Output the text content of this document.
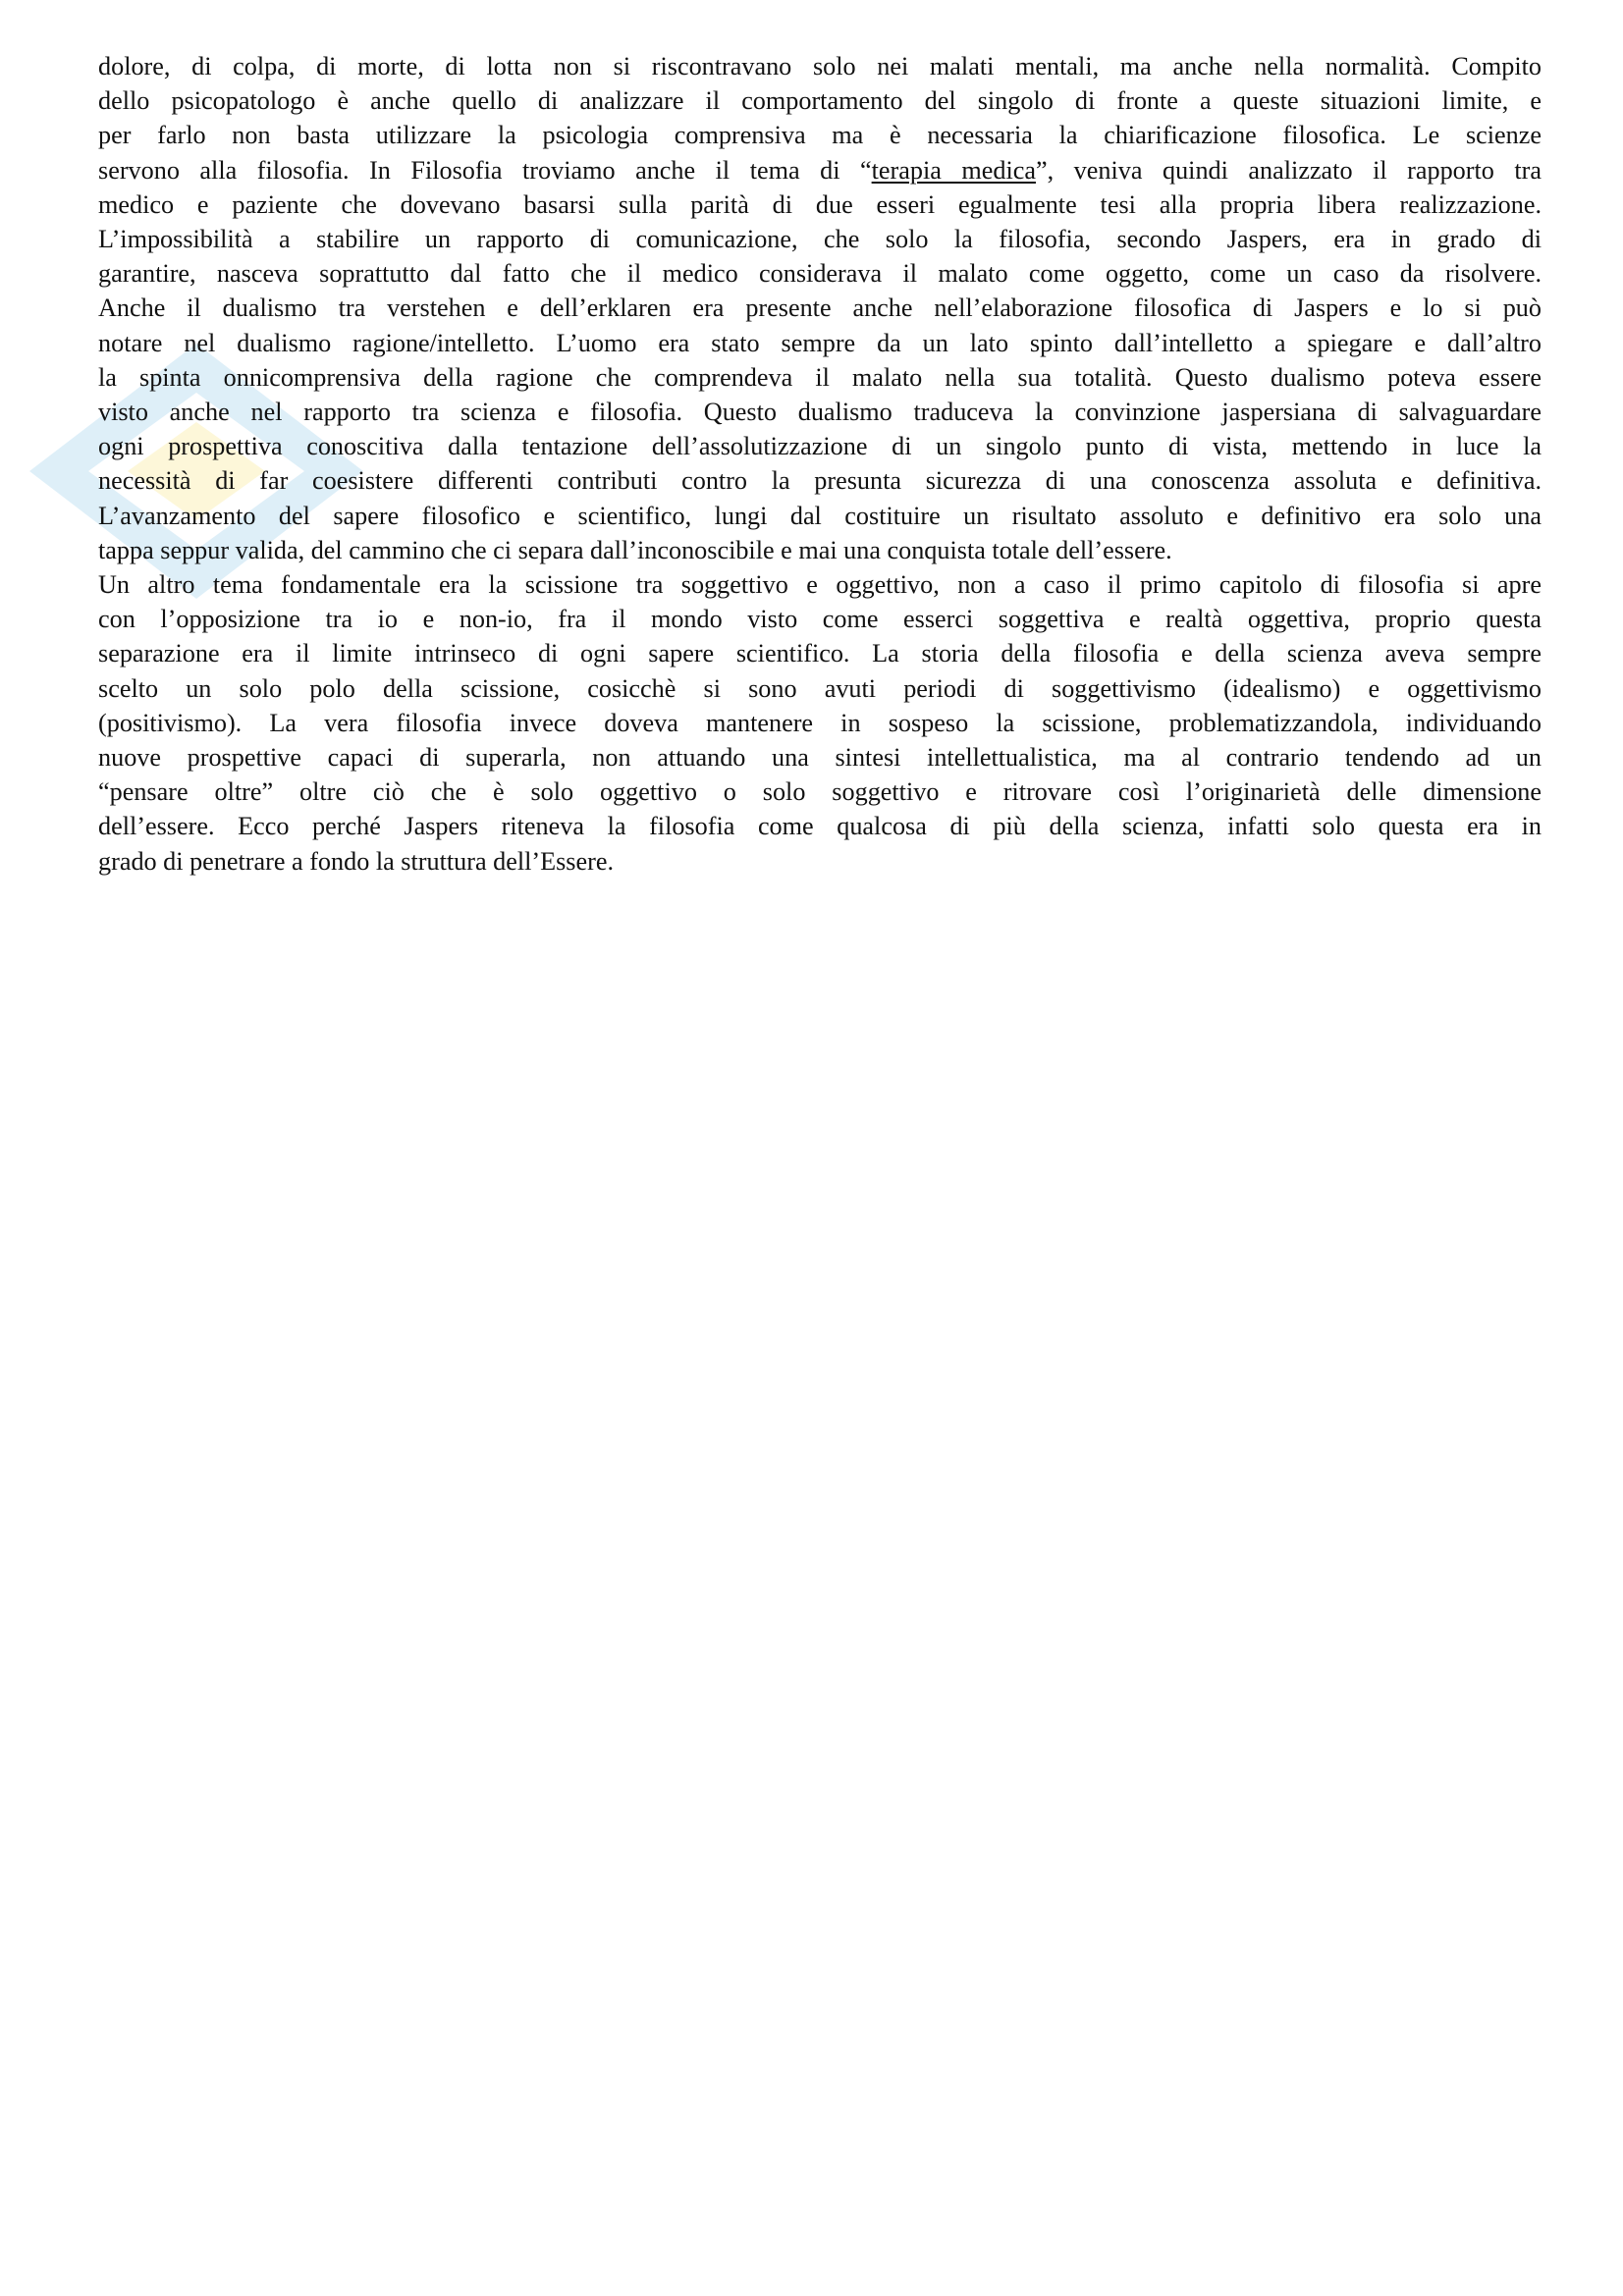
dolore, di colpa, di morte, di lotta non si riscontravano solo nei malati mentali, ma anche nella normalità. Compito
dello psicopatologo è anche quello di analizzare il comportamento del singolo di fronte a queste situazioni limite, e
per farlo non basta utilizzare la psicologia comprensiva ma è necessaria la chiarificazione filosofica. Le scienze
servono alla filosofia. In Filosofia troviamo anche il tema di “terapia medica”, veniva quindi analizzato il rapporto tra
medico e paziente che dovevano basarsi sulla parità di due esseri egualmente tesi alla propria libera realizzazione.
L’impossibilità a stabilire un rapporto di comunicazione, che solo la filosofia, secondo Jaspers, era in grado di
garantire, nasceva soprattutto dal fatto che il medico considerava il malato come oggetto, come un caso da risolvere.
Anche il dualismo tra verstehen e dell’erklaren era presente anche nell’elaborazione filosofica di Jaspers e lo si può
notare nel dualismo ragione/intelletto. L’uomo era stato sempre da un lato spinto dall’intelletto a spiegare e dall’altro
la spinta onnicomprensiva della ragione che comprendeva il malato nella sua totalità. Questo dualismo poteva essere
visto anche nel rapporto tra scienza e filosofia. Questo dualismo traduceva la convinzione jaspersiana di salvaguardare
ogni prospettiva conoscitiva dalla tentazione dell’assolutizzazione di un singolo punto di vista, mettendo in luce la
necessità di far coesistere differenti contributi contro la presunta sicurezza di una conoscenza assoluta e definitiva.
L’avanzamento del sapere filosofico e scientifico, lungi dal costituire un risultato assoluto e definitivo era solo una
tappa seppur valida, del cammino che ci separa dall’inconoscibile e mai una conquista totale dell’essere.
Un altro tema fondamentale era la scissione tra soggettivo e oggettivo, non a caso il primo capitolo di filosofia si apre
con l’opposizione tra io e non-io, fra il mondo visto come esserci soggettiva e realtà oggettiva, proprio questa
separazione era il limite intrinseco di ogni sapere scientifico. La storia della filosofia e della scienza aveva sempre
scelto un solo polo della scissione, cosicchè si sono avuti periodi di soggettivismo (idealismo) e oggettivismo
(positivismo). La vera filosofia invece doveva mantenere in sospeso la scissione, problematizzandola, individuando
nuove prospettive capaci di superarla, non attuando una sintesi intellettualistica, ma al contrario tendendo ad un
“pensare oltre” oltre ciò che è solo oggettivo o solo soggettivo e ritrovare così l’originarietà delle dimensione
dell’essere. Ecco perché Jaspers riteneva la filosofia come qualcosa di più della scienza, infatti solo questa era in
grado di penetrare a fondo la struttura dell’Essere.
